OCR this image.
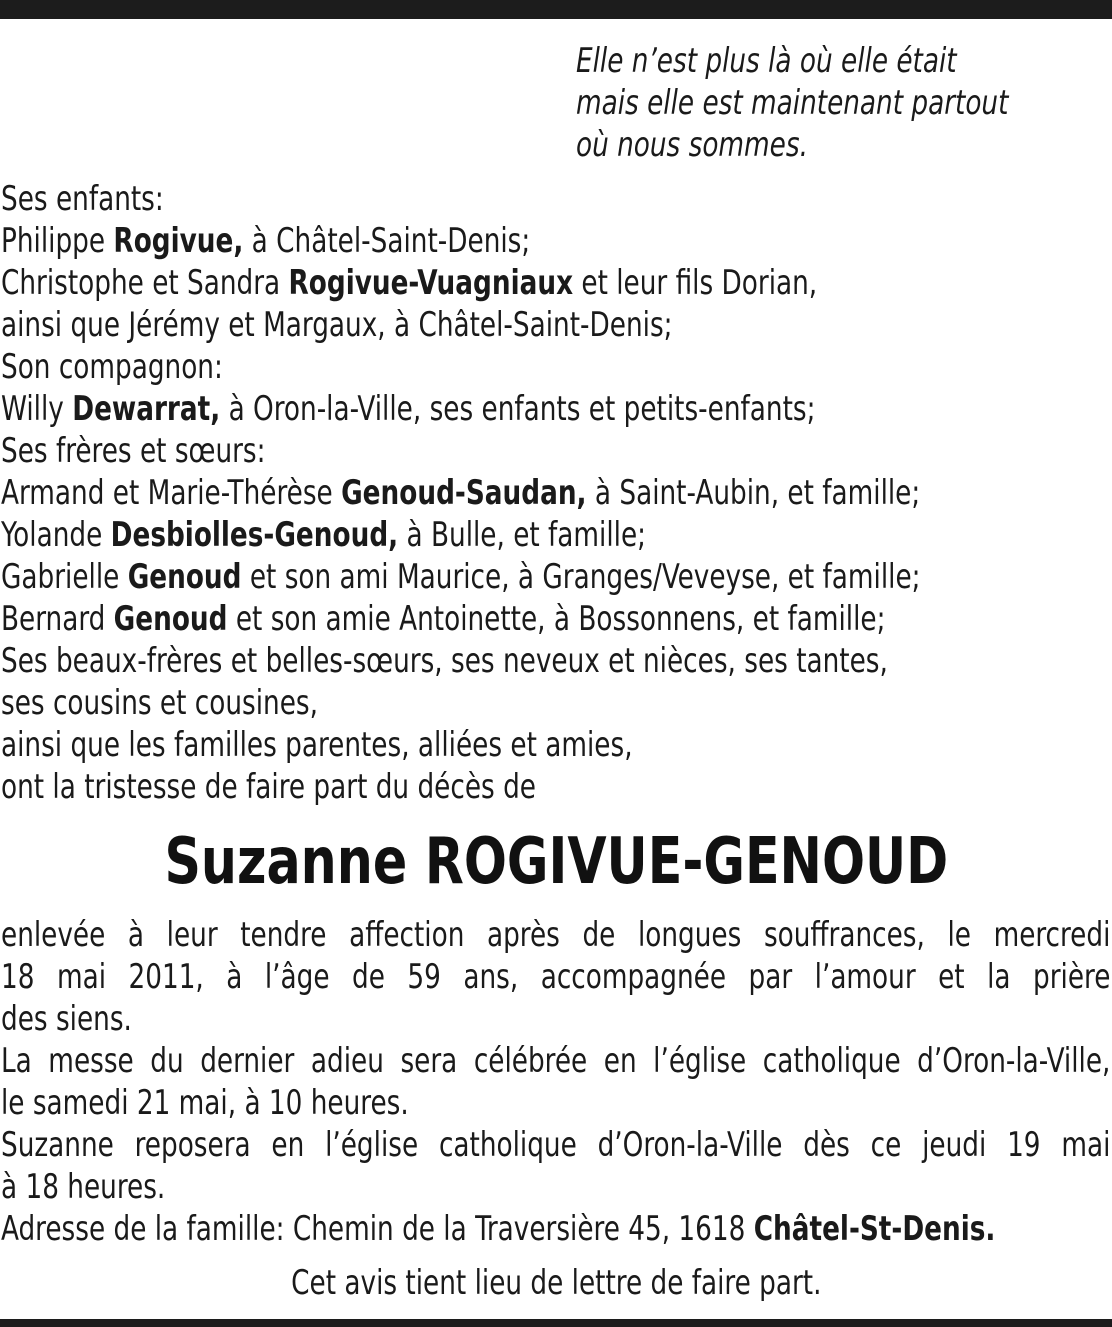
Elle n’est plus là où elle était
mais elle est maintenant partout
où nous sommes.
Ses enfants:
Philippe Rogivue, à Châtel-Saint-Denis;
Christophe et Sandra Rogivue-Vuagniaux et leur fils Dorian,
ainsi que Jérémy et Margaux, à Châtel-Saint-Denis;
Son compagnon:
Willy Dewarrat, à Oron-la-Ville, ses enfants et petits-enfants;
Ses frères et sœurs:
Armand et Marie-Thérèse Genoud-Saudan, à Saint-Aubin, et famille;
Yolande Desbiolles-Genoud, à Bulle, et famille;
Gabrielle Genoud et son ami Maurice, à Granges/Veveyse, et famille;
Bernard Genoud et son amie Antoinette, à Bossonnens, et famille;
Ses beaux-frères et belles-sœurs, ses neveux et nièces, ses tantes,
ses cousins et cousines,
ainsi que les familles parentes, alliées et amies,
ont la tristesse de faire part du décès de
Suzanne ROGIVUE-GENOUD
enlevée à leur tendre affection après de longues souffrances, le mercredi
18 mai 2011, à l’âge de 59 ans, accompagnée par l’amour et la prière
des siens.
La messe du dernier adieu sera célébrée en l’église catholique d’Oron-la-Ville,
le samedi 21 mai, à 10 heures.
Suzanne reposera en l’église catholique d’Oron-la-Ville dès ce jeudi 19 mai
à 18 heures.
Adresse de la famille: Chemin de la Traversière 45, 1618 Châtel-St-Denis.
Cet avis tient lieu de lettre de faire part.
